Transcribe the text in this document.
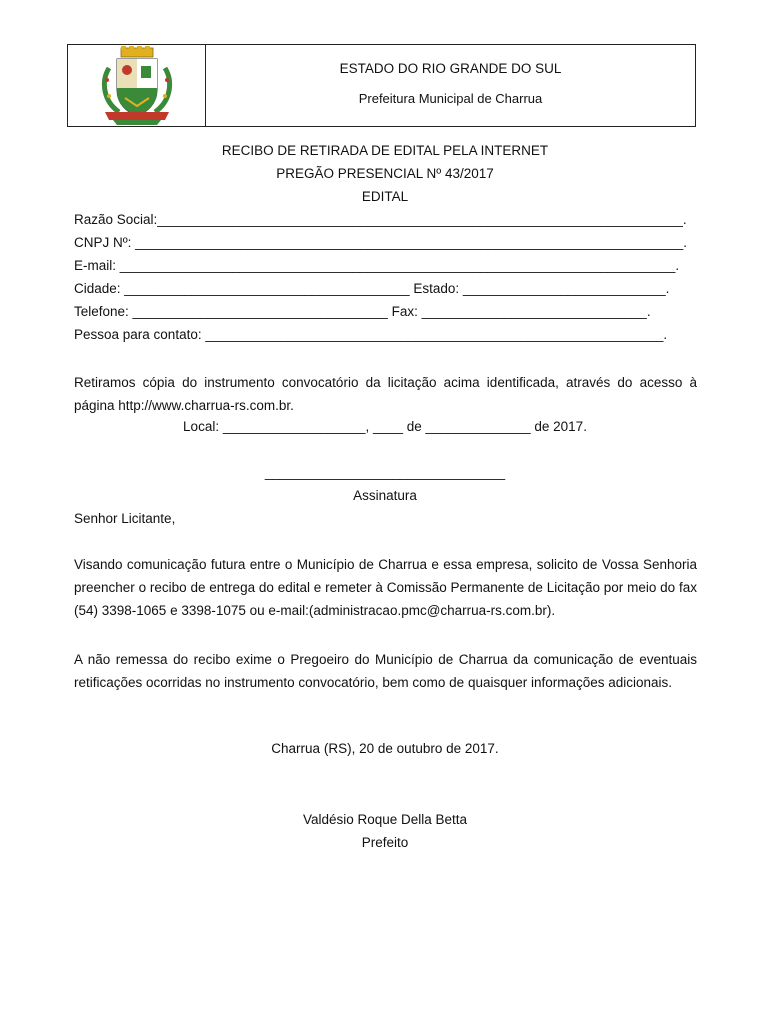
ESTADO DO RIO GRANDE DO SUL
Prefeitura Municipal de Charrua
RECIBO DE RETIRADA DE EDITAL PELA INTERNET
PREGÃO PRESENCIAL Nº 43/2017
EDITAL
Razão Social:______________________________________________________________________.
CNPJ Nº: _________________________________________________________________________.
E-mail: __________________________________________________________________________.
Cidade: ______________________________________ Estado: ___________________________.
Telefone: __________________________________ Fax: ______________________________.
Pessoa para contato: _____________________________________________________________.
Retiramos cópia do instrumento convocatório da licitação acima identificada, através do acesso à página http://www.charrua-rs.com.br.
Local: ___________________, ____ de ______________ de 2017.
________________________________
Assinatura
Senhor Licitante,
Visando comunicação futura entre o Município de Charrua e essa empresa, solicito de Vossa Senhoria preencher o recibo de entrega do edital e remeter à Comissão Permanente de Licitação por meio do fax (54) 3398-1065 e 3398-1075 ou e-mail:(administracao.pmc@charrua-rs.com.br).
A não remessa do recibo exime o Pregoeiro do Município de Charrua da comunicação de eventuais retificações ocorridas no instrumento convocatório, bem como de quaisquer informações adicionais.
Charrua (RS), 20 de outubro de 2017.
Valdésio Roque Della Betta
Prefeito
